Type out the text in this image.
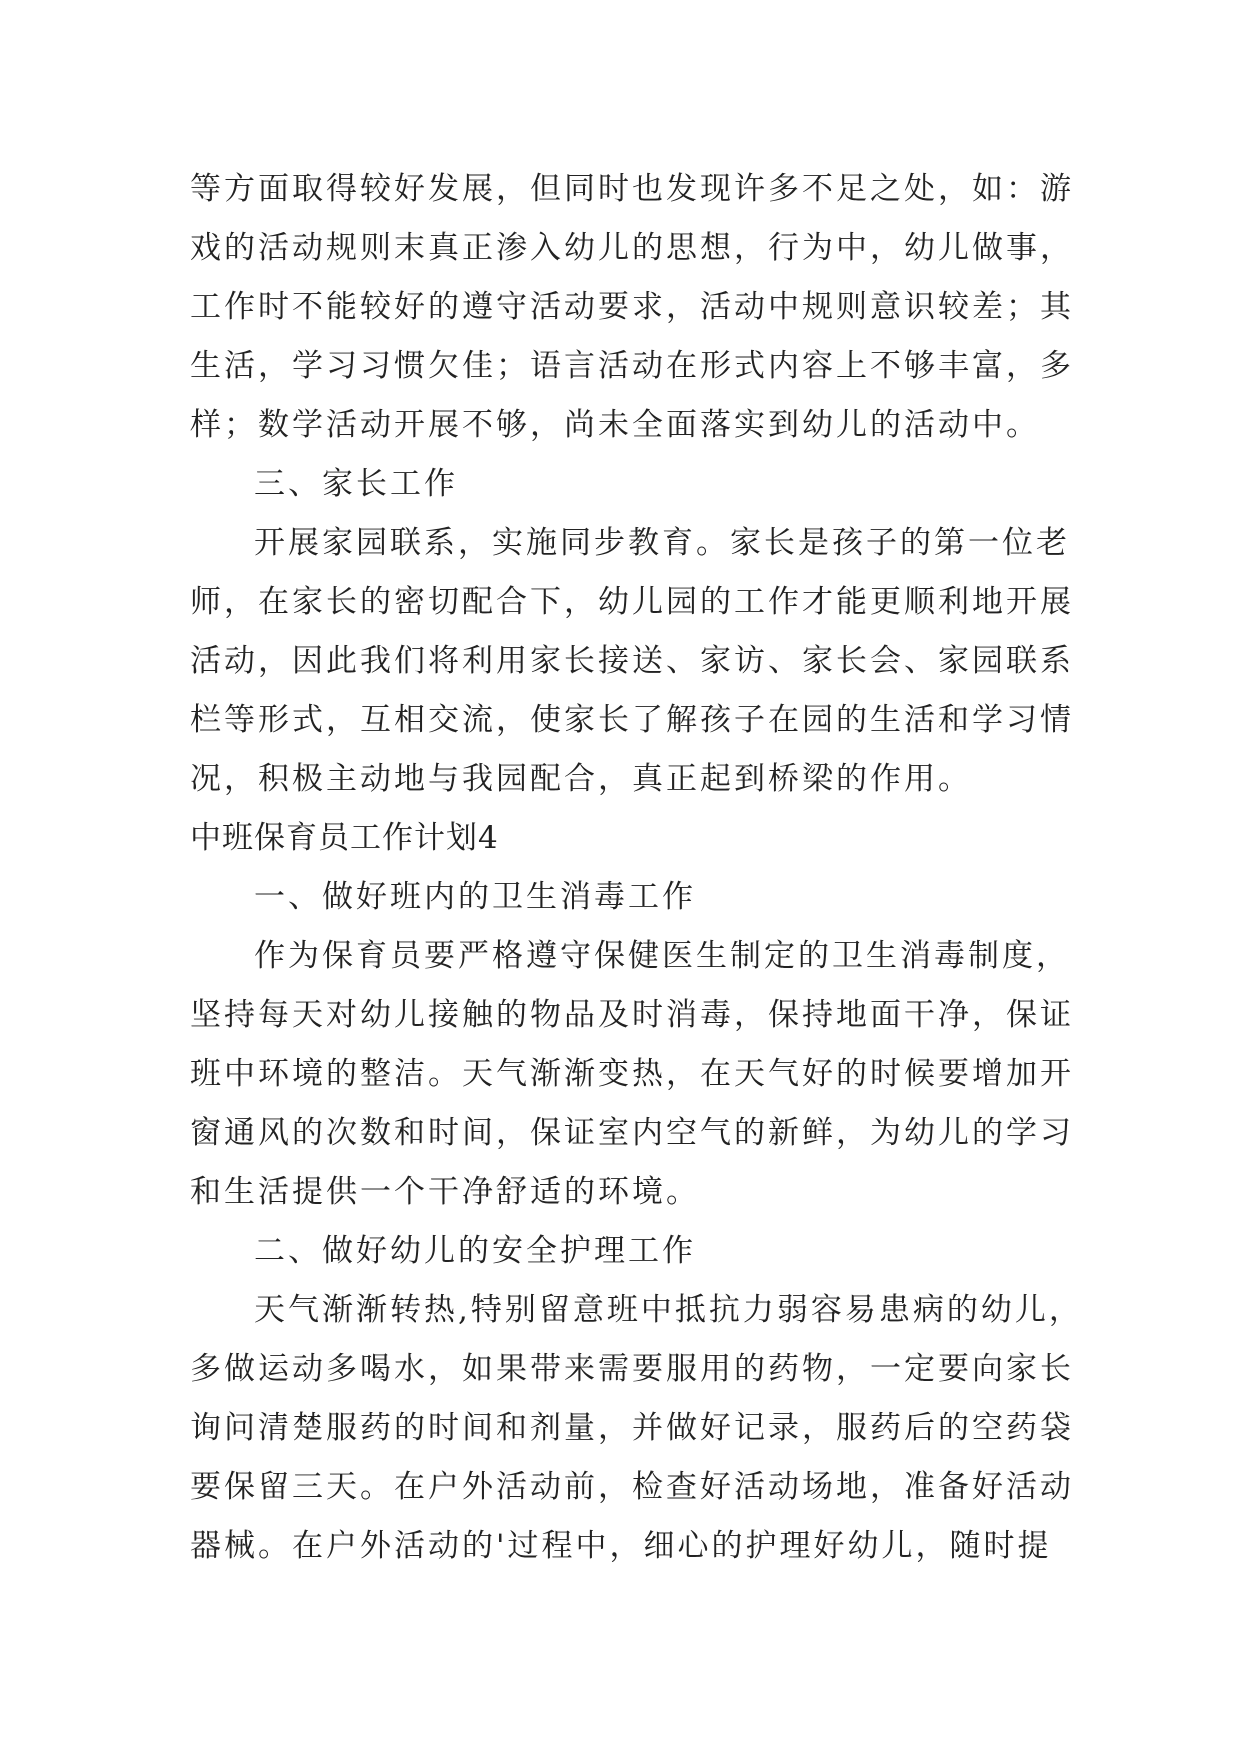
等方面取得较好发展，但同时也发现许多不足之处，如：游
戏的活动规则末真正渗入幼儿的思想，行为中，幼儿做事，
工作时不能较好的遵守活动要求，活动中规则意识较差；其
生活，学习习惯欠佳；语言活动在形式内容上不够丰富，多
样；数学活动开展不够，尚未全面落实到幼儿的活动中。
三、家长工作
开展家园联系，实施同步教育。家长是孩子的第一位老
师，在家长的密切配合下，幼儿园的工作才能更顺利地开展
活动，因此我们将利用家长接送、家访、家长会、家园联系
栏等形式，互相交流，使家长了解孩子在园的生活和学习情
况，积极主动地与我园配合，真正起到桥梁的作用。
中班保育员工作计划4
一、做好班内的卫生消毒工作
作为保育员要严格遵守保健医生制定的卫生消毒制度，
坚持每天对幼儿接触的物品及时消毒，保持地面干净，保证
班中环境的整洁。天气渐渐变热，在天气好的时候要增加开
窗通风的次数和时间，保证室内空气的新鲜，为幼儿的学习
和生活提供一个干净舒适的环境。
二、做好幼儿的安全护理工作
天气渐渐转热,特别留意班中抵抗力弱容易患病的幼儿，
多做运动多喝水，如果带来需要服用的药物，一定要向家长
询问清楚服药的时间和剂量，并做好记录，服药后的空药袋
要保留三天。在户外活动前，检查好活动场地，准备好活动
器械。在户外活动的'过程中，细心的护理好幼儿，随时提
